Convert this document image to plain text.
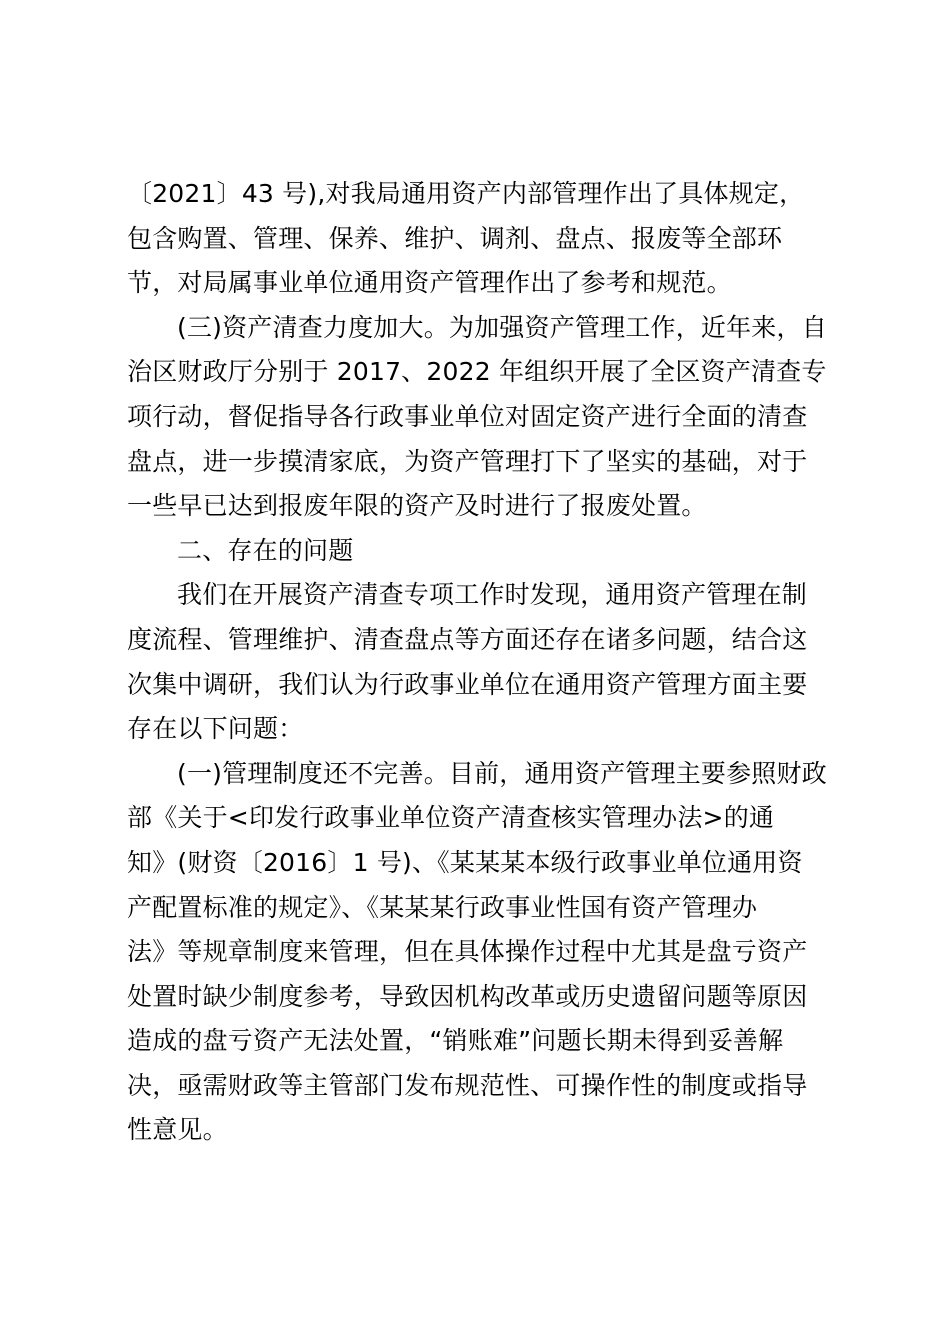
〔2021〕43 号),对我局通用资产内部管理作出了具体规定，
包含购置、管理、保养、维护、调剂、盘点、报废等全部环
节，对局属事业单位通用资产管理作出了参考和规范。
(三)资产清查力度加大。为加强资产管理工作，近年来，自
治区财政厅分别于 2017、2022 年组织开展了全区资产清查专
项行动，督促指导各行政事业单位对固定资产进行全面的清查
盘点，进一步摸清家底，为资产管理打下了坚实的基础，对于
一些早已达到报废年限的资产及时进行了报废处置。
二、存在的问题
我们在开展资产清查专项工作时发现，通用资产管理在制
度流程、管理维护、清查盘点等方面还存在诸多问题，结合这
次集中调研，我们认为行政事业单位在通用资产管理方面主要
存在以下问题：
(一)管理制度还不完善。目前，通用资产管理主要参照财政
部《关于<印发行政事业单位资产清查核实管理办法>的通
知》(财资〔2016〕1 号)、《某某某本级行政事业单位通用资
产配置标准的规定》、《某某某行政事业性国有资产管理办
法》等规章制度来管理，但在具体操作过程中尤其是盘亏资产
处置时缺少制度参考，导致因机构改革或历史遗留问题等原因
造成的盘亏资产无法处置，“销账难”问题长期未得到妥善解
决，亟需财政等主管部门发布规范性、可操作性的制度或指导
性意见。
